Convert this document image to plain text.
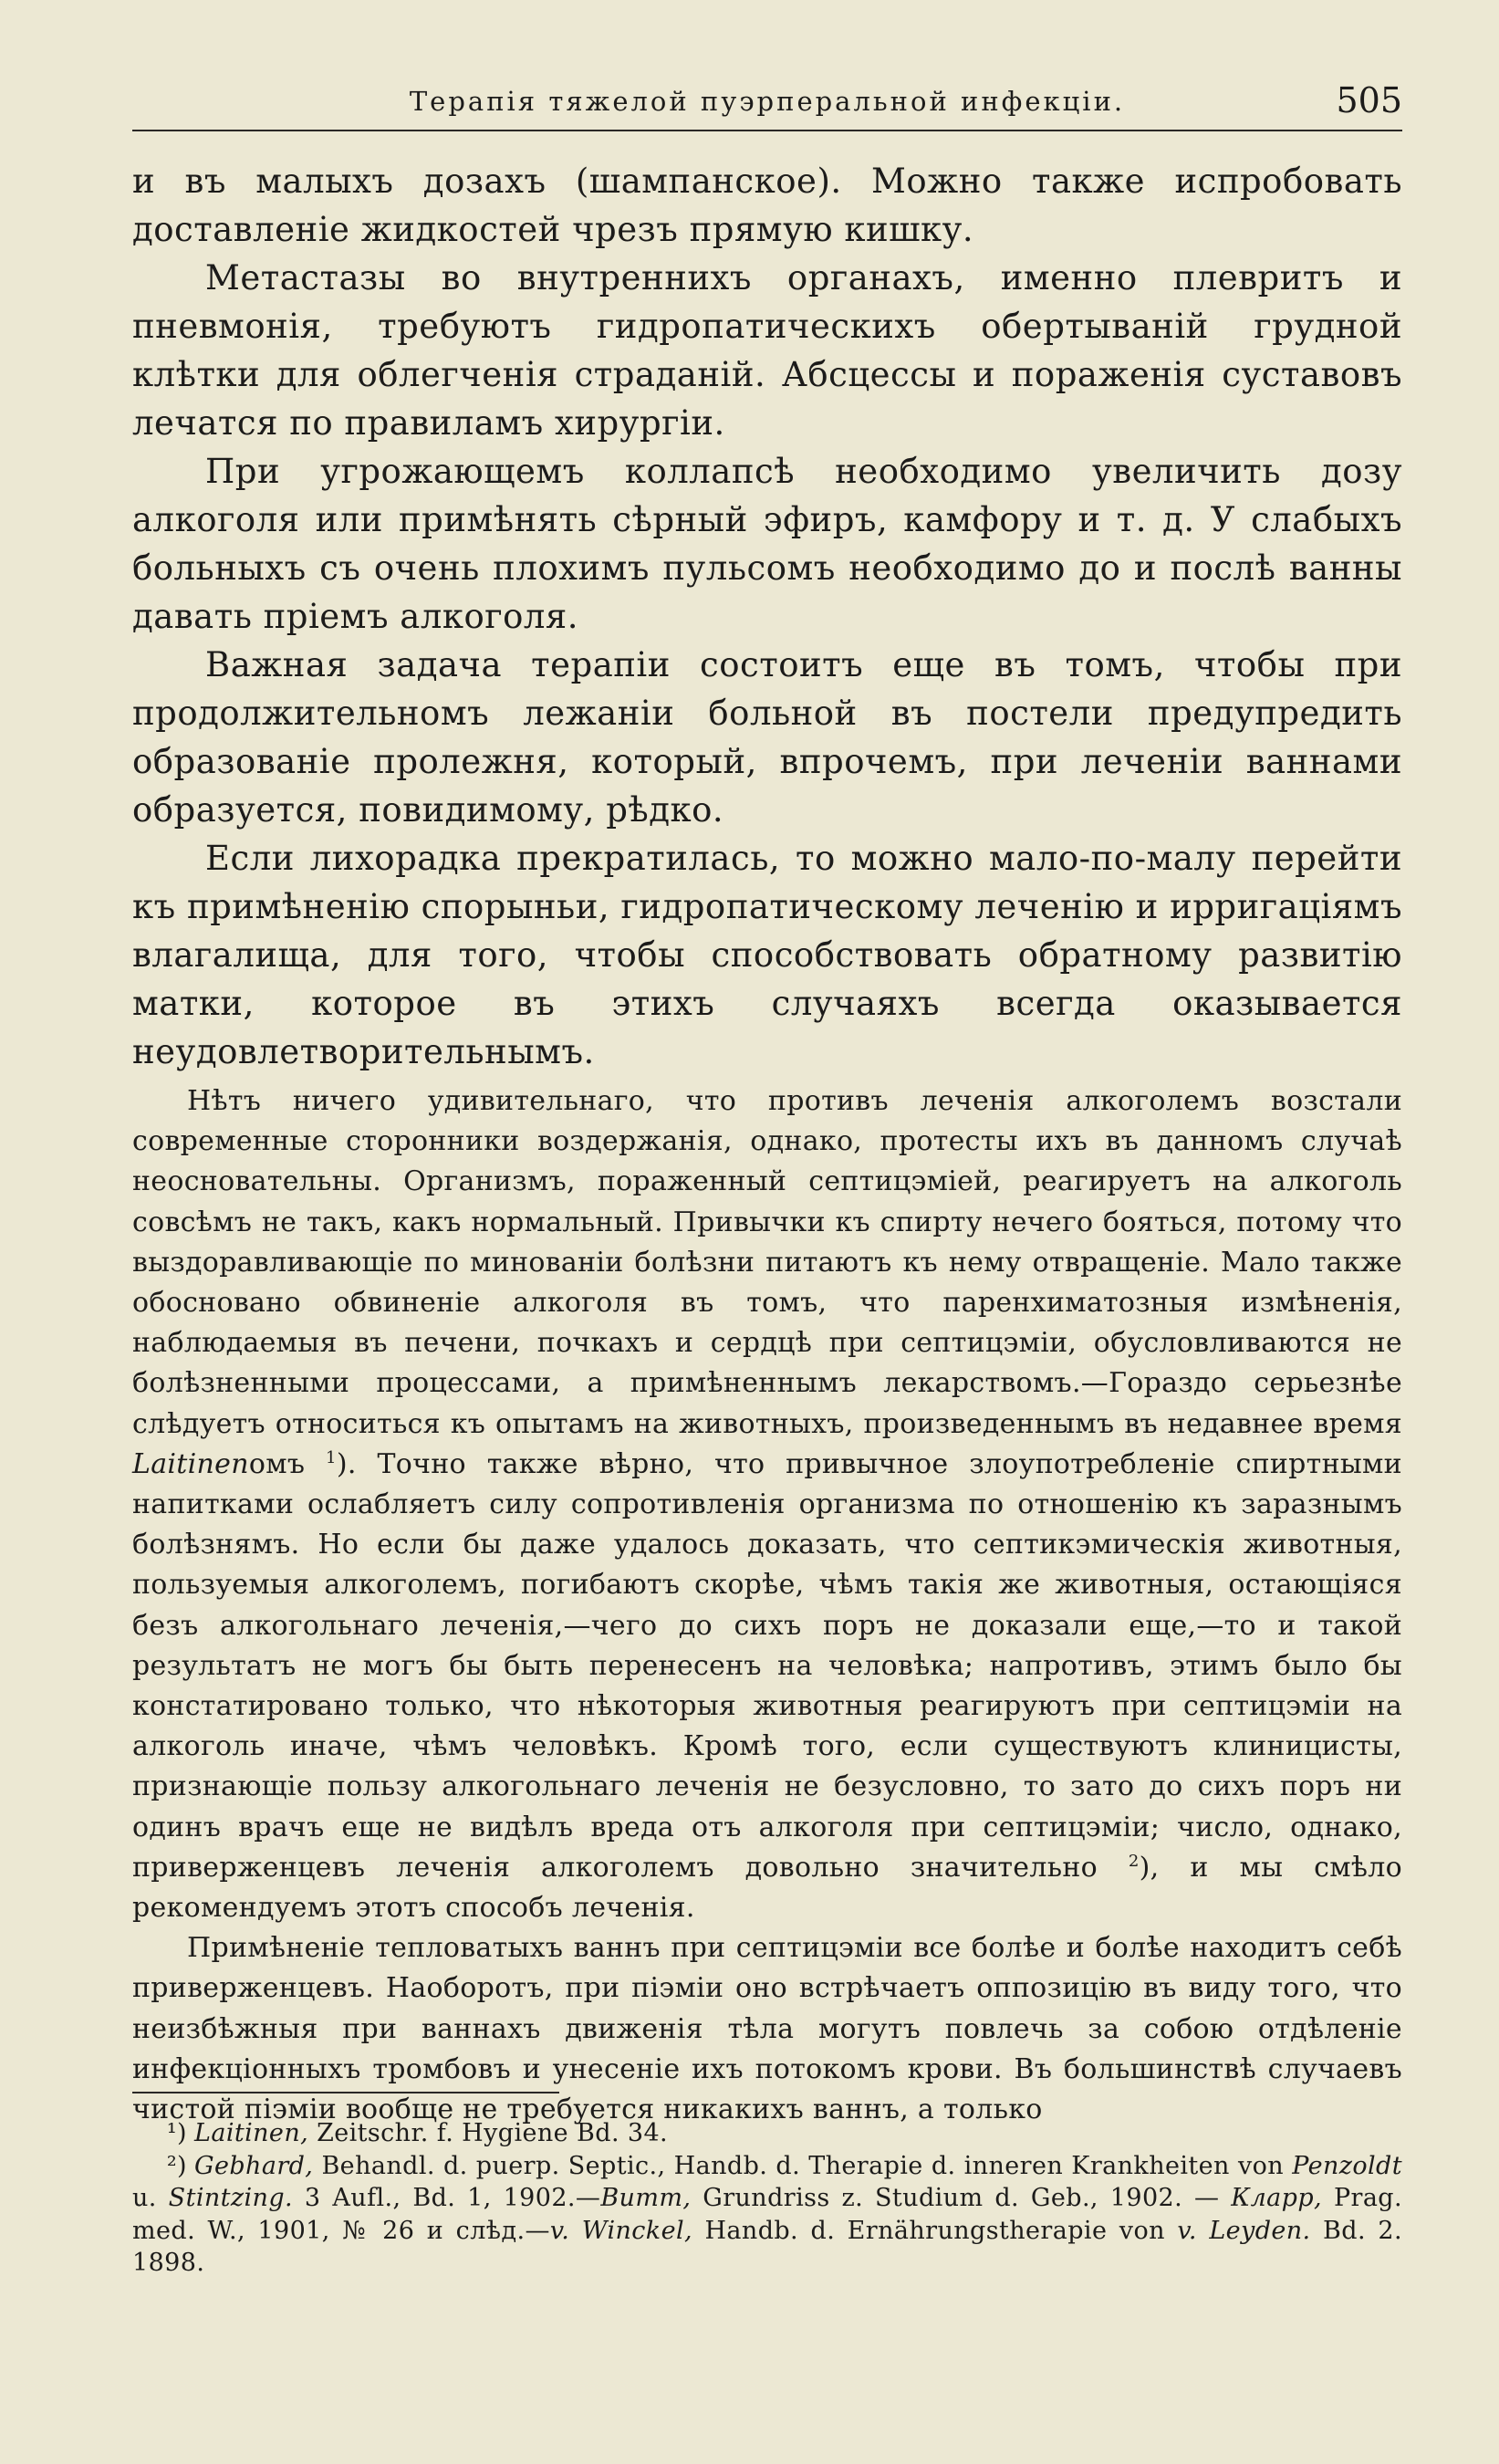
Терапія тяжелой пуэрперальной инфекціи.	505

и въ малыхъ дозахъ (шампанское). Можно также испробовать доставленіе жидкостей чрезъ прямую кишку.

Метастазы во внутреннихъ органахъ, именно плевритъ и пневмонія, требуютъ гидропатическихъ обертываній грудной клѣтки для облегченія страданій. Абсцессы и пораженія суставовъ лечатся по правиламъ хирургіи.

При угрожающемъ коллапсѣ необходимо увеличить дозу алкоголя или примѣнять сѣрный эфиръ, камфору и т. д. У слабыхъ больныхъ съ очень плохимъ пульсомъ необходимо до и послѣ ванны давать пріемъ алкоголя.

Важная задача терапіи состоитъ еще въ томъ, чтобы при продолжительномъ лежаніи больной въ постели предупредить образованіе пролежня, который, впрочемъ, при леченіи ваннами образуется, повидимому, рѣдко.

Если лихорадка прекратилась, то можно мало-по-малу перейти къ примѣненію спорыньи, гидропатическому леченію и ирригаціямъ влагалища, для того, чтобы способствовать обратному развитію матки, которое въ этихъ случаяхъ всегда оказывается неудовлетворительнымъ.

Нѣтъ ничего удивительнаго, что противъ леченія алкоголемъ возстали современные сторонники воздержанія, однако, протесты ихъ въ данномъ случаѣ неосновательны. Организмъ, пораженный септицэміей, реагируетъ на алкоголь совсѣмъ не такъ, какъ нормальный. Привычки къ спирту нечего бояться, потому что выздоравливающіе по минованіи болѣзни питаютъ къ нему отвращеніе. Мало также обосновано обвиненіе алкоголя въ томъ, что паренхиматозныя измѣненія, наблюдаемыя въ печени, почкахъ и сердцѣ при септицэміи, обусловливаются не болѣзненными процессами, а примѣненнымъ лекарствомъ.—Гораздо серьезнѣе слѣдуетъ относиться къ опытамъ на животныхъ, произведеннымъ въ недавнее время Laitinenомъ $^1$). Точно также вѣрно, что привычное злоупотребленіе спиртными напитками ослабляетъ силу сопротивленія организма по отношенію къ заразнымъ болѣзнямъ. Но если бы даже удалось доказать, что септикэмическія животныя, пользуемыя алкоголемъ, погибаютъ скорѣе, чѣмъ такія же животныя, остающіяся безъ алкогольнаго леченія,—чего до сихъ поръ не доказали еще,—то и такой результатъ не могъ бы быть перенесенъ на человѣка; напротивъ, этимъ было бы констатировано только, что нѣкоторыя животныя реагируютъ при септицэміи на алкоголь иначе, чѣмъ человѣкъ. Кромѣ того, если существуютъ клиницисты, признающіе пользу алкогольнаго леченія не безусловно, то зато до сихъ поръ ни одинъ врачъ еще не видѣлъ вреда отъ алкоголя при септицэміи; число, однако, приверженцевъ леченія алкоголемъ довольно значительно $^2$), и мы смѣло рекомендуемъ этотъ способъ леченія.

Примѣненіе тепловатыхъ ваннъ при септицэміи все болѣе и болѣе находитъ себѣ приверженцевъ. Наоборотъ, при піэміи оно встрѣчаетъ оппозицію въ виду того, что неизбѣжныя при ваннахъ движенія тѣла могутъ повлечь за собою отдѣленіе инфекціонныхъ тромбовъ и унесеніе ихъ потокомъ крови. Въ большинствѣ случаевъ чистой піэміи вообще не требуется никакихъ ваннъ, а только

¹) Laitinen, Zeitschr. f. Hygiene Bd. 34.

²) Gebhard, Behandl. d. puerp. Septic., Handb. d. Therapie d. inneren Krankheiten von Penzoldt u. Stintzing. 3 Aufl., Bd. 1, 1902.—Bumm, Grundriss z. Studium d. Geb., 1902. — Кларр, Prag. med. W., 1901, № 26 и слѣд.—v. Winckel, Handb. d. Ernährungstherapie von v. Leyden. Bd. 2. 1898.
